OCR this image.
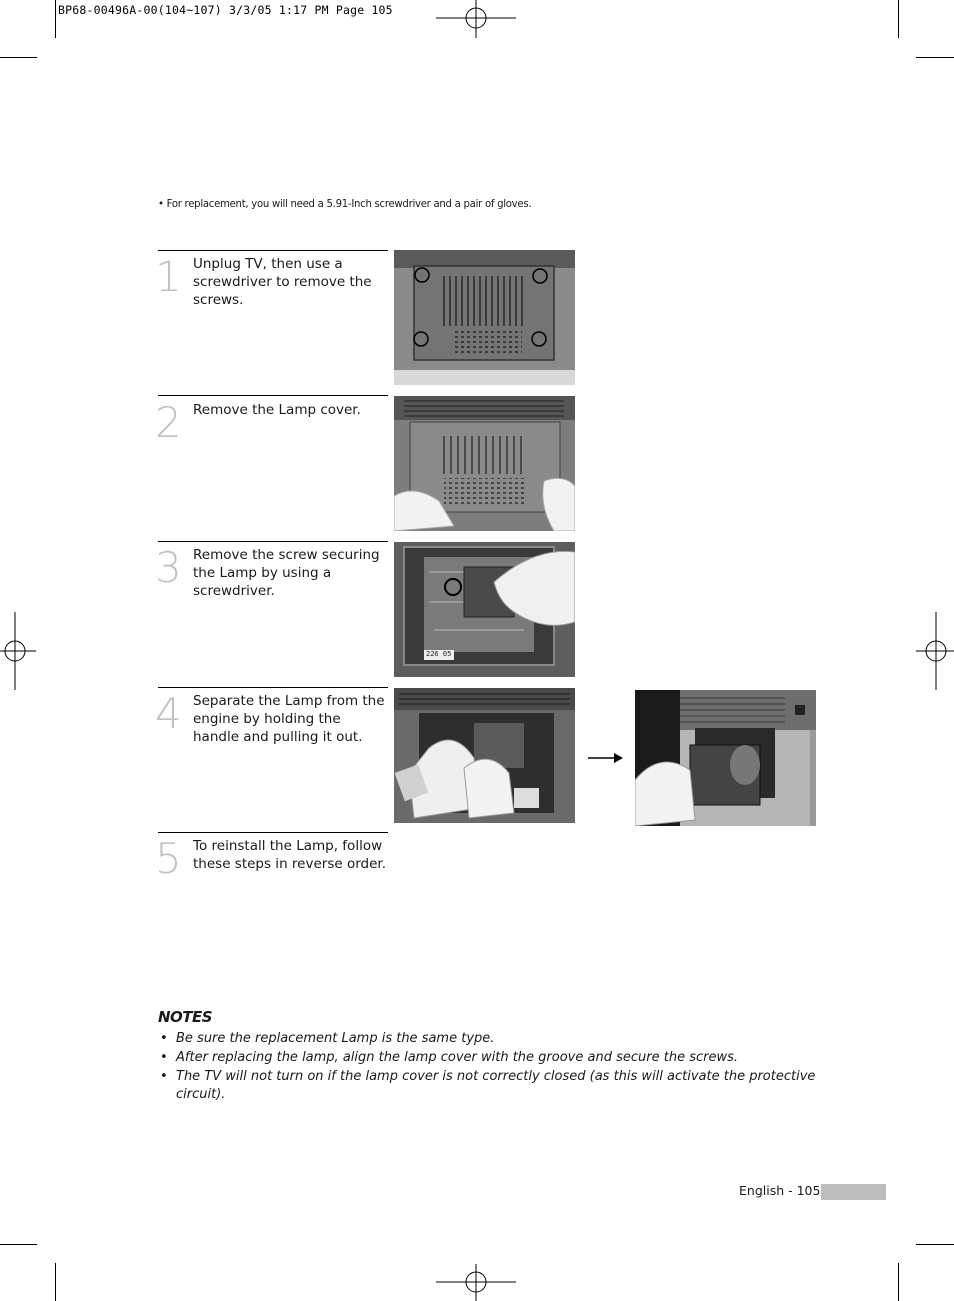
BP68-00496A-00(104~107) 3/3/05 1:17 PM Page 105
• For replacement, you will need a 5.91-Inch screwdriver and a pair of gloves.
1 Unplug TV, then use a screwdriver to remove the screws.
2 Remove the Lamp cover.
3 Remove the screw securing the Lamp by using a screwdriver.
226 05
4 Separate the Lamp from the engine by holding the handle and pulling it out.
5 To reinstall the Lamp, follow these steps in reverse order.
NOTES
• Be sure the replacement Lamp is the same type.
• After replacing the lamp, align the lamp cover with the groove and secure the screws.
• The TV will not turn on if the lamp cover is not correctly closed (as this will activate the protective circuit).
English - 105
